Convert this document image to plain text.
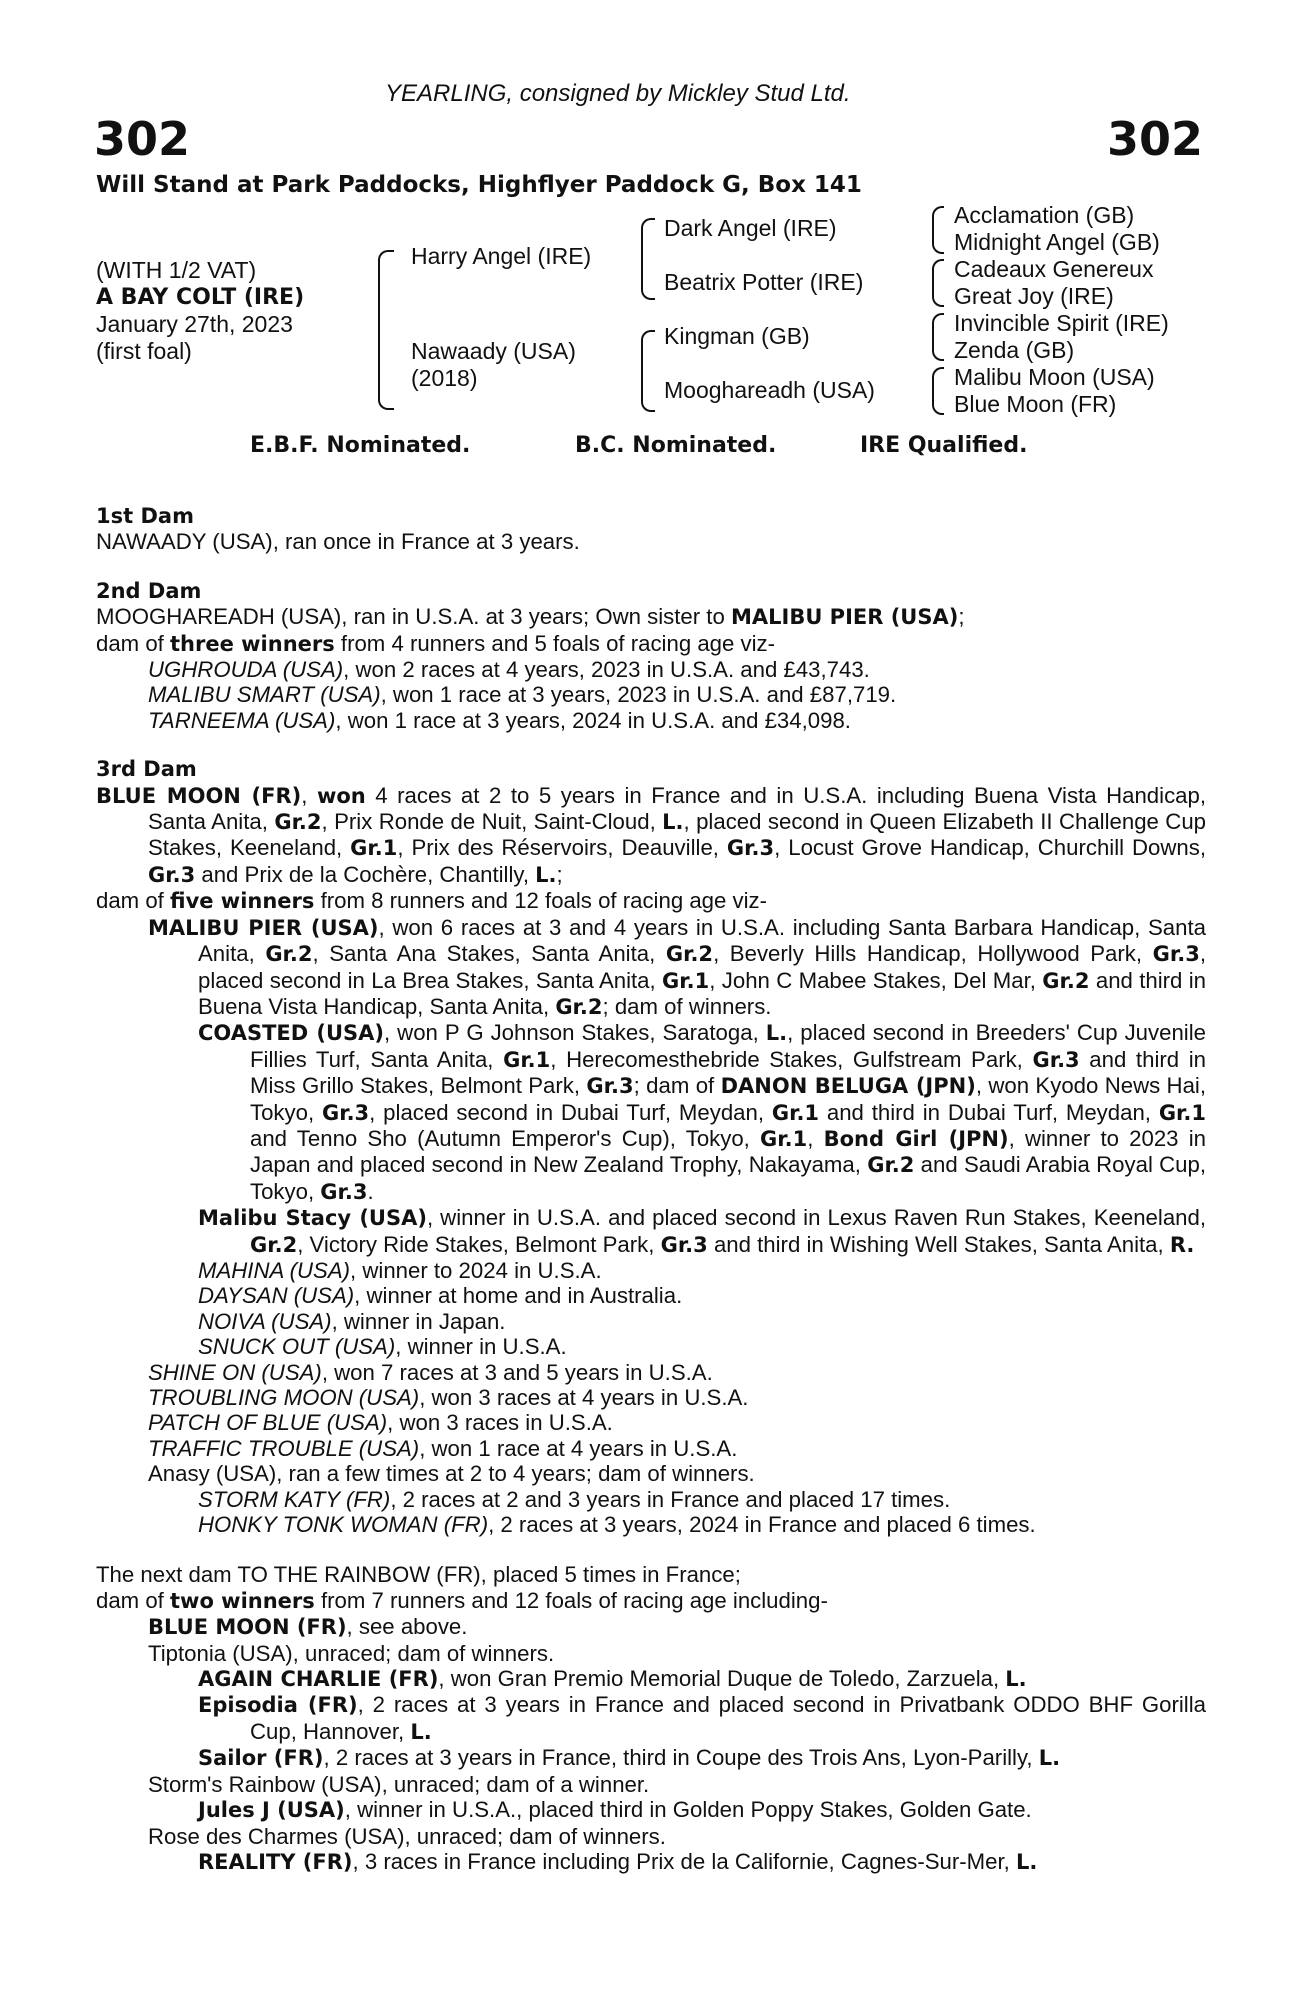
YEARLING, consigned by Mickley Stud Ltd.
302	302
Will Stand at Park Paddocks, Highflyer Paddock G, Box 141
(WITH 1/2 VAT)
A BAY COLT (IRE)
January 27th, 2023
(first foal)
Harry Angel (IRE)
Nawaady (USA)
(2018)
Dark Angel (IRE)
Beatrix Potter (IRE)
Kingman (GB)
Mooghareadh (USA)
Acclamation (GB)
Midnight Angel (GB)
Cadeaux Genereux
Great Joy (IRE)
Invincible Spirit (IRE)
Zenda (GB)
Malibu Moon (USA)
Blue Moon (FR)
E.B.F. Nominated.	B.C. Nominated.	IRE Qualified.

1st Dam

NAWAADY (USA), ran once in France at 3 years.

2nd Dam

MOOGHAREADH (USA), ran in U.S.A. at 3 years; Own sister to MALIBU PIER (USA);

dam of three winners from 4 runners and 5 foals of racing age viz-

UGHROUDA (USA), won 2 races at 4 years, 2023 in U.S.A. and £43,743.

MALIBU SMART (USA), won 1 race at 3 years, 2023 in U.S.A. and £87,719.

TARNEEMA (USA), won 1 race at 3 years, 2024 in U.S.A. and £34,098.

3rd Dam

BLUE MOON (FR), won 4 races at 2 to 5 years in France and in U.S.A. including Buena Vista Handicap, Santa Anita, Gr.2, Prix Ronde de Nuit, Saint-Cloud, L., placed second in Queen Elizabeth II Challenge Cup Stakes, Keeneland, Gr.1, Prix des Réservoirs, Deauville, Gr.3, Locust Grove Handicap, Churchill Downs, Gr.3 and Prix de la Cochère, Chantilly, L.;

dam of five winners from 8 runners and 12 foals of racing age viz-

MALIBU PIER (USA), won 6 races at 3 and 4 years in U.S.A. including Santa Barbara Handicap, Santa Anita, Gr.2, Santa Ana Stakes, Santa Anita, Gr.2, Beverly Hills Handicap, Hollywood Park, Gr.3, placed second in La Brea Stakes, Santa Anita, Gr.1, John C Mabee Stakes, Del Mar, Gr.2 and third in Buena Vista Handicap, Santa Anita, Gr.2; dam of winners.

COASTED (USA), won P G Johnson Stakes, Saratoga, L., placed second in Breeders' Cup Juvenile Fillies Turf, Santa Anita, Gr.1, Herecomesthebride Stakes, Gulfstream Park, Gr.3 and third in Miss Grillo Stakes, Belmont Park, Gr.3; dam of DANON BELUGA (JPN), won Kyodo News Hai, Tokyo, Gr.3, placed second in Dubai Turf, Meydan, Gr.1 and third in Dubai Turf, Meydan, Gr.1 and Tenno Sho (Autumn Emperor's Cup), Tokyo, Gr.1, Bond Girl (JPN), winner to 2023 in Japan and placed second in New Zealand Trophy, Nakayama, Gr.2 and Saudi Arabia Royal Cup, Tokyo, Gr.3.

Malibu Stacy (USA), winner in U.S.A. and placed second in Lexus Raven Run Stakes, Keeneland, Gr.2, Victory Ride Stakes, Belmont Park, Gr.3 and third in Wishing Well Stakes, Santa Anita, R.

MAHINA (USA), winner to 2024 in U.S.A.

DAYSAN (USA), winner at home and in Australia.

NOIVA (USA), winner in Japan.

SNUCK OUT (USA), winner in U.S.A.

SHINE ON (USA), won 7 races at 3 and 5 years in U.S.A.

TROUBLING MOON (USA), won 3 races at 4 years in U.S.A.

PATCH OF BLUE (USA), won 3 races in U.S.A.

TRAFFIC TROUBLE (USA), won 1 race at 4 years in U.S.A.

Anasy (USA), ran a few times at 2 to 4 years; dam of winners.

STORM KATY (FR), 2 races at 2 and 3 years in France and placed 17 times.

HONKY TONK WOMAN (FR), 2 races at 3 years, 2024 in France and placed 6 times.

The next dam TO THE RAINBOW (FR), placed 5 times in France;

dam of two winners from 7 runners and 12 foals of racing age including-

BLUE MOON (FR), see above.

Tiptonia (USA), unraced; dam of winners.

AGAIN CHARLIE (FR), won Gran Premio Memorial Duque de Toledo, Zarzuela, L.

Episodia (FR), 2 races at 3 years in France and placed second in Privatbank ODDO BHF Gorilla Cup, Hannover, L.

Sailor (FR), 2 races at 3 years in France, third in Coupe des Trois Ans, Lyon-Parilly, L.

Storm's Rainbow (USA), unraced; dam of a winner.

Jules J (USA), winner in U.S.A., placed third in Golden Poppy Stakes, Golden Gate.

Rose des Charmes (USA), unraced; dam of winners.

REALITY (FR), 3 races in France including Prix de la Californie, Cagnes-Sur-Mer, L.
